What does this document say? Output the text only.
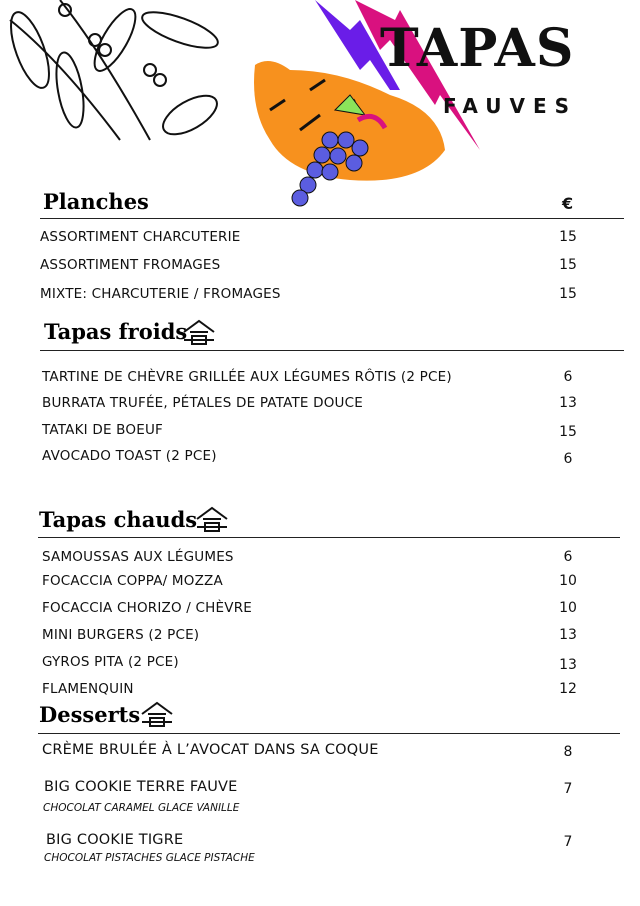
TAPAS
FAUVES
Planches	€
ASSORTIMENT CHARCUTERIE	15
ASSORTIMENT FROMAGES	15
MIXTE: CHARCUTERIE / FROMAGES	15
Tapas froids
TARTINE DE CHÈVRE GRILLÉE AUX LÉGUMES RÔTIS (2 PCE)	6
BURRATA TRUFÉE, PÉTALES DE PATATE DOUCE	13
TATAKI DE BOEUF	15
AVOCADO TOAST (2 PCE)	6
Tapas chauds
SAMOUSSAS AUX LÉGUMES	6
FOCACCIA COPPA/ MOZZA	10
FOCACCIA CHORIZO / CHÈVRE	10
MINI BURGERS (2 PCE)	13
GYROS PITA (2 PCE)	13
FLAMENQUIN	12
Desserts
CRÈME BRULÉE À L’AVOCAT DANS SA COQUE	8
BIG COOKIE TERRE FAUVE	7
CHOCOLAT CARAMEL GLACE VANILLE
BIG COOKIE TIGRE	7
CHOCOLAT PISTACHES GLACE PISTACHE
